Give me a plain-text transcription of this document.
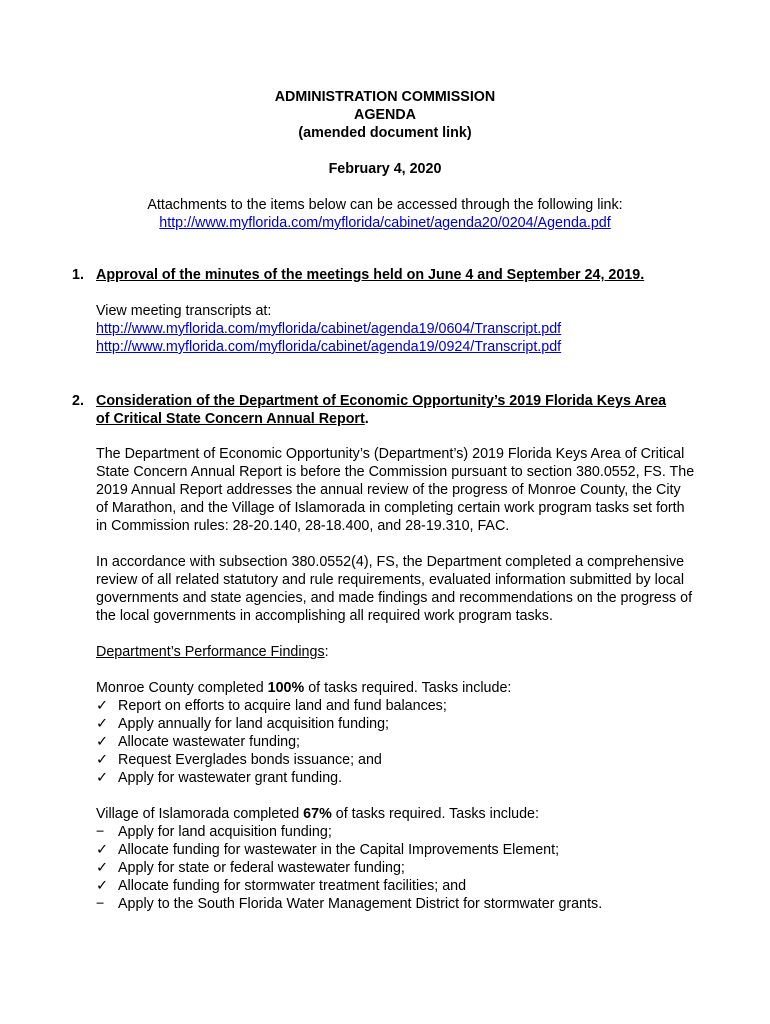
ADMINISTRATION COMMISSION
AGENDA
(amended document link)
February 4, 2020
Attachments to the items below can be accessed through the following link:
http://www.myflorida.com/myflorida/cabinet/agenda20/0204/Agenda.pdf
1. Approval of the minutes of the meetings held on June 4 and September 24, 2019.
View meeting transcripts at:
http://www.myflorida.com/myflorida/cabinet/agenda19/0604/Transcript.pdf
http://www.myflorida.com/myflorida/cabinet/agenda19/0924/Transcript.pdf
2. Consideration of the Department of Economic Opportunity’s 2019 Florida Keys Area of Critical State Concern Annual Report.

The Department of Economic Opportunity’s (Department’s) 2019 Florida Keys Area of Critical State Concern Annual Report is before the Commission pursuant to section 380.0552, FS. The 2019 Annual Report addresses the annual review of the progress of Monroe County, the City of Marathon, and the Village of Islamorada in completing certain work program tasks set forth in Commission rules: 28-20.140, 28-18.400, and 28-19.310, FAC.

In accordance with subsection 380.0552(4), FS, the Department completed a comprehensive review of all related statutory and rule requirements, evaluated information submitted by local governments and state agencies, and made findings and recommendations on the progress of the local governments in accomplishing all required work program tasks.

Department’s Performance Findings:

Monroe County completed 100% of tasks required. Tasks include:

✓ Report on efforts to acquire land and fund balances;
✓ Apply annually for land acquisition funding;
✓ Allocate wastewater funding;
✓ Request Everglades bonds issuance; and
✓ Apply for wastewater grant funding.

Village of Islamorada completed 67% of tasks required. Tasks include:

− Apply for land acquisition funding;
✓ Allocate funding for wastewater in the Capital Improvements Element;
✓ Apply for state or federal wastewater funding;
✓ Allocate funding for stormwater treatment facilities; and
− Apply to the South Florida Water Management District for stormwater grants.
